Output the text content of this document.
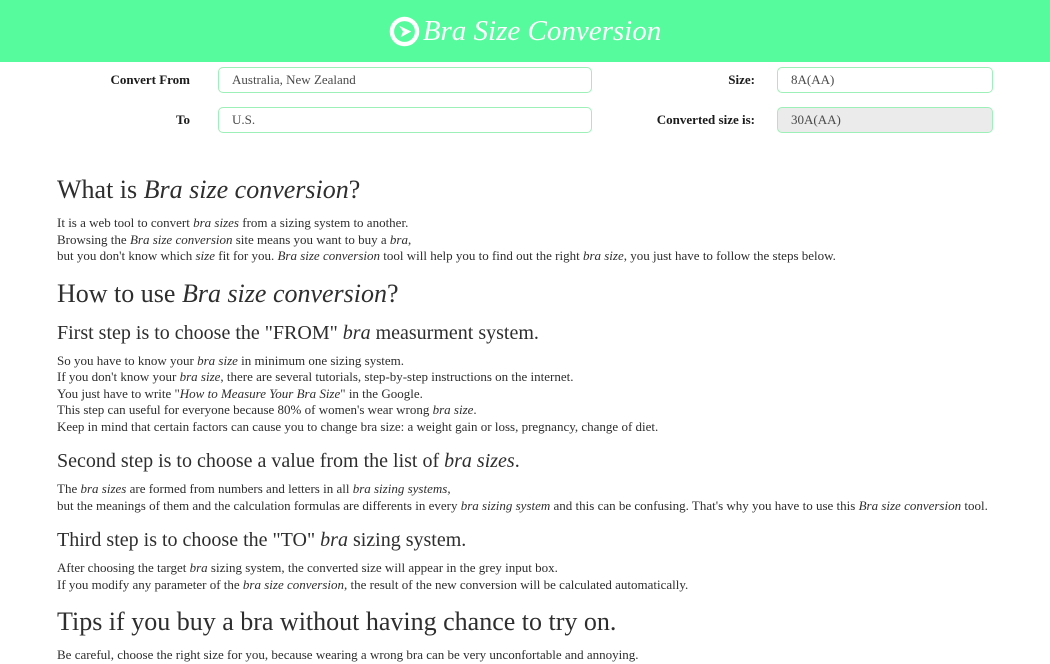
Bra Size Conversion
Convert From
Australia, New Zealand	Size:
8A(AA)
To
U.S.	Converted size is:
30A(AA)
What is Bra size conversion?
It is a web tool to convert bra sizes from a sizing system to another.
Browsing the Bra size conversion site means you want to buy a bra,
but you don't know which size fit for you. Bra size conversion tool will help you to find out the right bra size, you just have to follow the steps below.
How to use Bra size conversion?
First step is to choose the "FROM" bra measurment system.
So you have to know your bra size in minimum one sizing system.
If you don't know your bra size, there are several tutorials, step-by-step instructions on the internet.
You just have to write "How to Measure Your Bra Size" in the Google.
This step can useful for everyone because 80% of women's wear wrong bra size.
Keep in mind that certain factors can cause you to change bra size: a weight gain or loss, pregnancy, change of diet.
Second step is to choose a value from the list of bra sizes.
The bra sizes are formed from numbers and letters in all bra sizing systems,
but the meanings of them and the calculation formulas are differents in every bra sizing system and this can be confusing. That's why you have to use this Bra size conversion tool.
Third step is to choose the "TO" bra sizing system.
After choosing the target bra sizing system, the converted size will appear in the grey input box.
If you modify any parameter of the bra size conversion, the result of the new conversion will be calculated automatically.
Tips if you buy a bra without having chance to try on.
Be careful, choose the right size for you, because wearing a wrong bra can be very unconfortable and annoying.
